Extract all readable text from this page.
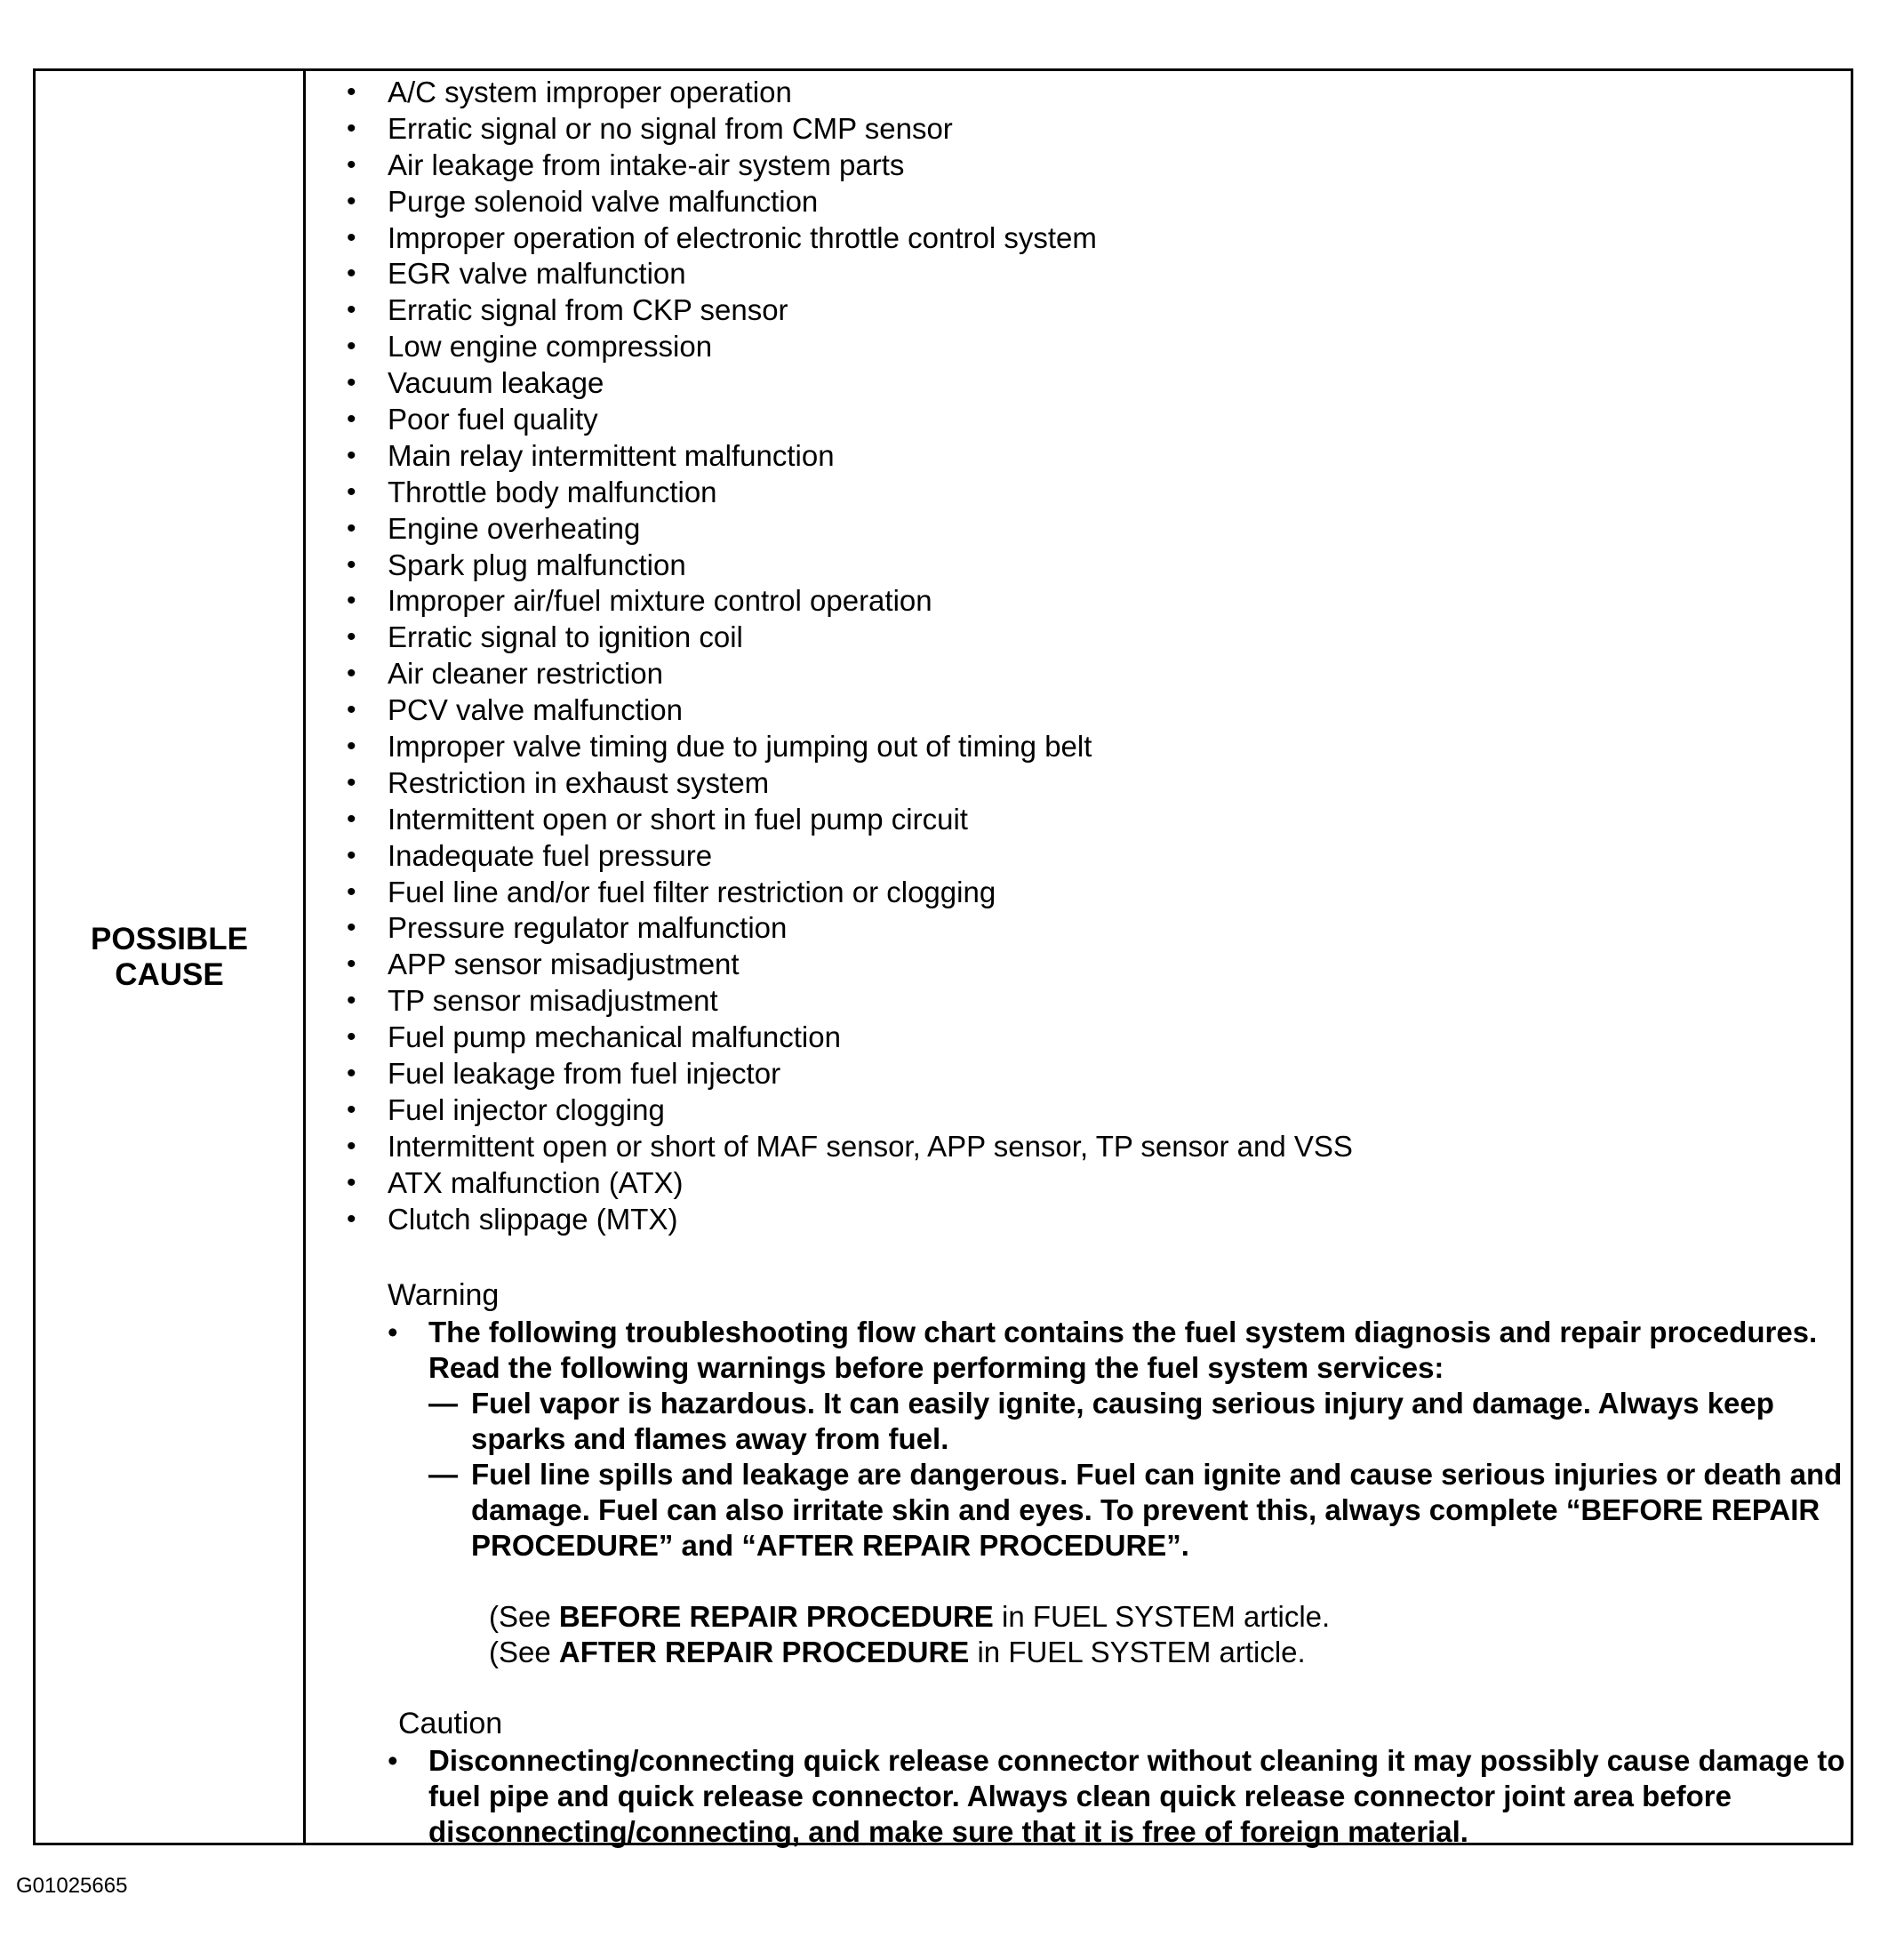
POSSIBLE
CAUSE
• A/C system improper operation
• Erratic signal or no signal from CMP sensor
• Air leakage from intake-air system parts
• Purge solenoid valve malfunction
• Improper operation of electronic throttle control system
• EGR valve malfunction
• Erratic signal from CKP sensor
• Low engine compression
• Vacuum leakage
• Poor fuel quality
• Main relay intermittent malfunction
• Throttle body malfunction
• Engine overheating
• Spark plug malfunction
• Improper air/fuel mixture control operation
• Erratic signal to ignition coil
• Air cleaner restriction
• PCV valve malfunction
• Improper valve timing due to jumping out of timing belt
• Restriction in exhaust system
• Intermittent open or short in fuel pump circuit
• Inadequate fuel pressure
• Fuel line and/or fuel filter restriction or clogging
• Pressure regulator malfunction
• APP sensor misadjustment
• TP sensor misadjustment
• Fuel pump mechanical malfunction
• Fuel leakage from fuel injector
• Fuel injector clogging
• Intermittent open or short of MAF sensor, APP sensor, TP sensor and VSS
• ATX malfunction (ATX)
• Clutch slippage (MTX)
Warning
• The following troubleshooting flow chart contains the fuel system diagnosis and repair procedures. Read the following warnings before performing the fuel system services:
— Fuel vapor is hazardous. It can easily ignite, causing serious injury and damage. Always keep sparks and flames away from fuel.
— Fuel line spills and leakage are dangerous. Fuel can ignite and cause serious injuries or death and damage. Fuel can also irritate skin and eyes. To prevent this, always complete “BEFORE REPAIR PROCEDURE” and “AFTER REPAIR PROCEDURE”.
(See BEFORE REPAIR PROCEDURE in FUEL SYSTEM article.
(See AFTER REPAIR PROCEDURE in FUEL SYSTEM article.
Caution
• Disconnecting/connecting quick release connector without cleaning it may possibly cause damage to fuel pipe and quick release connector. Always clean quick release connector joint area before disconnecting/connecting, and make sure that it is free of foreign material.
G01025665
